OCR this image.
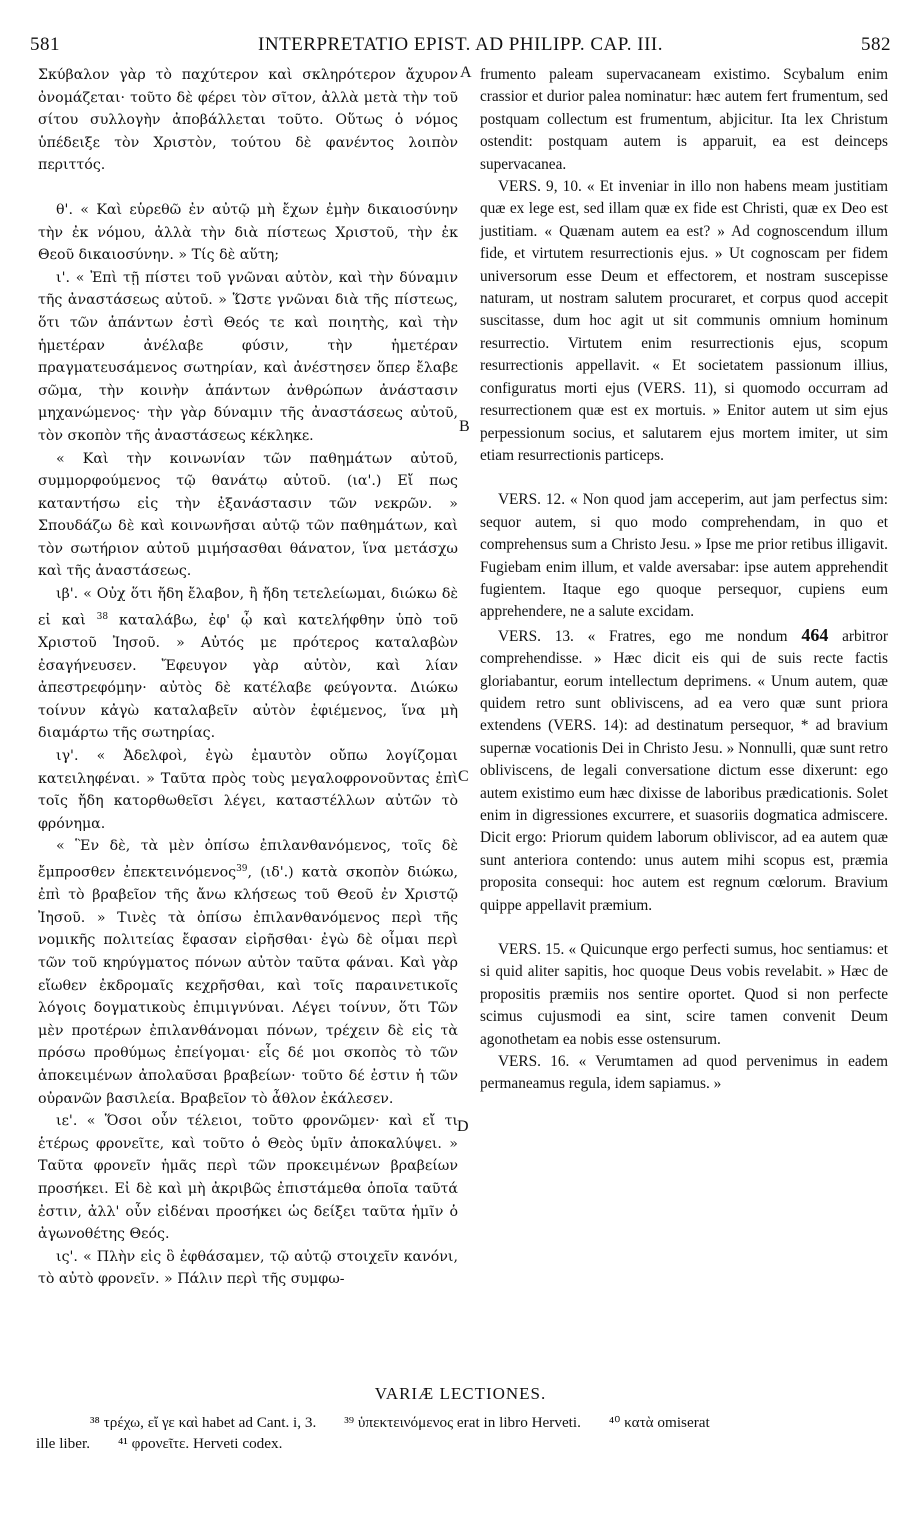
581	INTERPRETATIO EPIST. AD PHILIPP. CAP. III.	582
A
B
C
D

Σκύβαλον γὰρ τὸ παχύτερον καὶ σκληρότερον ἄχυρον ὀνομάζεται· τοῦτο δὲ φέρει τὸν σῖτον, ἀλλὰ μετὰ τὴν τοῦ σίτου συλλογὴν ἀποβάλλεται τοῦτο. Οὕτως ὁ νόμος ὑπέδειξε τὸν Χριστὸν, τούτου δὲ φανέντος λοιπὸν περιττός.

θ'. « Καὶ εὑρεθῶ ἐν αὐτῷ μὴ ἔχων ἐμὴν δικαιοσύνην τὴν ἐκ νόμου, ἀλλὰ τὴν διὰ πίστεως Χριστοῦ, τὴν ἐκ Θεοῦ δικαιοσύνην. » Τίς δὲ αὕτη;

ι'. « Ἐπὶ τῇ πίστει τοῦ γνῶναι αὐτὸν, καὶ τὴν δύναμιν τῆς ἀναστάσεως αὐτοῦ. » Ὥστε γνῶναι διὰ τῆς πίστεως, ὅτι τῶν ἁπάντων ἐστὶ Θεός τε καὶ ποιητὴς, καὶ τὴν ἡμετέραν ἀνέλαβε φύσιν, τὴν ἡμετέραν πραγματευσάμενος σωτηρίαν, καὶ ἀνέστησεν ὅπερ ἔλαβε σῶμα, τὴν κοινὴν ἁπάντων ἀνθρώπων ἀνάστασιν μηχανώμενος· τὴν γὰρ δύναμιν τῆς ἀναστάσεως αὐτοῦ, τὸν σκοπὸν τῆς ἀναστάσεως κέκληκε.

« Καὶ τὴν κοινωνίαν τῶν παθημάτων αὐτοῦ, συμμορφούμενος τῷ θανάτῳ αὐτοῦ. (ια'.) Εἴ πως καταντήσω εἰς τὴν ἐξανάστασιν τῶν νεκρῶν. » Σπουδάζω δὲ καὶ κοινωνῆσαι αὐτῷ τῶν παθημάτων, καὶ τὸν σωτήριον αὐτοῦ μιμήσασθαι θάνατον, ἵνα μετάσχω καὶ τῆς ἀναστάσεως.

ιβ'. « Οὐχ ὅτι ἤδη ἔλαβον, ἢ ἤδη τετελείωμαι, διώκω δὲ εἰ καὶ $^{38}$ καταλάβω, ἐφ' ᾧ καὶ κατελήφθην ὑπὸ τοῦ Χριστοῦ Ἰησοῦ. » Αὐτός με πρότερος καταλαβὼν ἐσαγήνευσεν. Ἔφευγον γὰρ αὐτὸν, καὶ λίαν ἀπεστρεφόμην· αὐτὸς δὲ κατέλαβε φεύγοντα. Διώκω τοίνυν κἀγὼ καταλαβεῖν αὐτὸν ἐφιέμενος, ἵνα μὴ διαμάρτω τῆς σωτηρίας.

ιγ'. « Ἀδελφοὶ, ἐγὼ ἐμαυτὸν οὔπω λογίζομαι κατειληφέναι. » Ταῦτα πρὸς τοὺς μεγαλοφρονοῦντας ἐπὶ τοῖς ἤδη κατορθωθεῖσι λέγει, καταστέλλων αὐτῶν τὸ φρόνημα.

« Ἓν δὲ, τὰ μὲν ὀπίσω ἐπιλανθανόμενος, τοῖς δὲ ἔμπροσθεν ἐπεκτεινόμενος$^{39}$, (ιδ'.) κατὰ σκοπὸν διώκω, ἐπὶ τὸ βραβεῖον τῆς ἄνω κλήσεως τοῦ Θεοῦ ἐν Χριστῷ Ἰησοῦ. » Τινὲς τὰ ὀπίσω ἐπιλανθανόμενος περὶ τῆς νομικῆς πολιτείας ἔφασαν εἰρῆσθαι· ἐγὼ δὲ οἶμαι περὶ τῶν τοῦ κηρύγματος πόνων αὐτὸν ταῦτα φάναι. Καὶ γὰρ εἴωθεν ἐκδρομαῖς κεχρῆσθαι, καὶ τοῖς παραινετικοῖς λόγοις δογματικοὺς ἐπιμιγνύναι. Λέγει τοίνυν, ὅτι Τῶν μὲν προτέρων ἐπιλανθάνομαι πόνων, τρέχειν δὲ εἰς τὰ πρόσω προθύμως ἐπείγομαι· εἷς δέ μοι σκοπὸς τὸ τῶν ἀποκειμένων ἀπολαῦσαι βραβείων· τοῦτο δέ ἐστιν ἡ τῶν οὐρανῶν βασιλεία. Βραβεῖον τὸ ἆθλον ἐκάλεσεν.

ιε'. « Ὅσοι οὖν τέλειοι, τοῦτο φρονῶμεν· καὶ εἴ τι ἑτέρως φρονεῖτε, καὶ τοῦτο ὁ Θεὸς ὑμῖν ἀποκαλύψει. » Ταῦτα φρονεῖν ἡμᾶς περὶ τῶν προκειμένων βραβείων προσήκει. Εἰ δὲ καὶ μὴ ἀκριβῶς ἐπιστάμεθα ὁποῖα ταῦτά ἐστιν, ἀλλ' οὖν εἰδέναι προσήκει ὡς δείξει ταῦτα ἡμῖν ὁ ἀγωνοθέτης Θεός.

ις'. « Πλὴν εἰς ὃ ἐφθάσαμεν, τῷ αὐτῷ στοιχεῖν κανόνι, τὸ αὐτὸ φρονεῖν. » Πάλιν περὶ τῆς συμφω-

frumento paleam supervacaneam existimo. Scybalum enim crassior et durior palea nominatur: hæc autem fert frumentum, sed postquam collectum est frumentum, abjicitur. Ita lex Christum ostendit: postquam autem is apparuit, ea est deinceps supervacanea.

VERS. 9, 10. « Et inveniar in illo non habens meam justitiam quæ ex lege est, sed illam quæ ex fide est Christi, quæ ex Deo est justitiam. « Quænam autem ea est? » Ad cognoscendum illum fide, et virtutem resurrectionis ejus. » Ut cognoscam per fidem universorum esse Deum et effectorem, et nostram suscepisse naturam, ut nostram salutem procuraret, et corpus quod accepit suscitasse, dum hoc agit ut sit communis omnium hominum resurrectio. Virtutem enim resurrectionis ejus, scopum resurrectionis appellavit. « Et societatem passionum illius, configuratus morti ejus (VERS. 11), si quomodo occurram ad resurrectionem quæ est ex mortuis. » Enitor autem ut sim ejus perpessionum socius, et salutarem ejus mortem imiter, ut sim etiam resurrectionis particeps.

VERS. 12. « Non quod jam acceperim, aut jam perfectus sim: sequor autem, si quo modo comprehendam, in quo et comprehensus sum a Christo Jesu. » Ipse me prior retibus illigavit. Fugiebam enim illum, et valde aversabar: ipse autem apprehendit fugientem. Itaque ego quoque persequor, cupiens eum apprehendere, ne a salute excidam.

VERS. 13. « Fratres, ego me nondum 464 arbitror comprehendisse. » Hæc dicit eis qui de suis recte factis gloriabantur, eorum intellectum deprimens. « Unum autem, quæ quidem retro sunt obliviscens, ad ea vero quæ sunt priora extendens (VERS. 14): ad destinatum persequor, * ad bravium supernæ vocationis Dei in Christo Jesu. » Nonnulli, quæ sunt retro obliviscens, de legali conversatione dictum esse dixerunt: ego autem existimo eum hæc dixisse de laboribus prædicationis. Solet enim in digressiones excurrere, et suasoriis dogmatica admiscere. Dicit ergo: Priorum quidem laborum obliviscor, ad ea autem quæ sunt anteriora contendo: unus autem mihi scopus est, præmia proposita consequi: hoc autem est regnum cœlorum. Bravium quippe appellavit præmium.

VERS. 15. « Quicunque ergo perfecti sumus, hoc sentiamus: et si quid aliter sapitis, hoc quoque Deus vobis revelabit. » Hæc de propositis præmiis nos sentire oportet. Quod si non perfecte scimus cujusmodi ea sint, scire tamen convenit Deum agonothetam ea nobis esse ostensurum.

VERS. 16. « Verumtamen ad quod pervenimus in eadem permaneamus regula, idem sapiamus. »

VARIÆ LECTIONES.
³⁸ τρέχω, εἴ γε καὶ habet ad Cant. i, 3. ³⁹ ὑπεκτεινόμενος erat in libro Herveti. ⁴⁰ κατὰ omiserat
ille liber. ⁴¹ φρονεῖτε. Herveti codex.
